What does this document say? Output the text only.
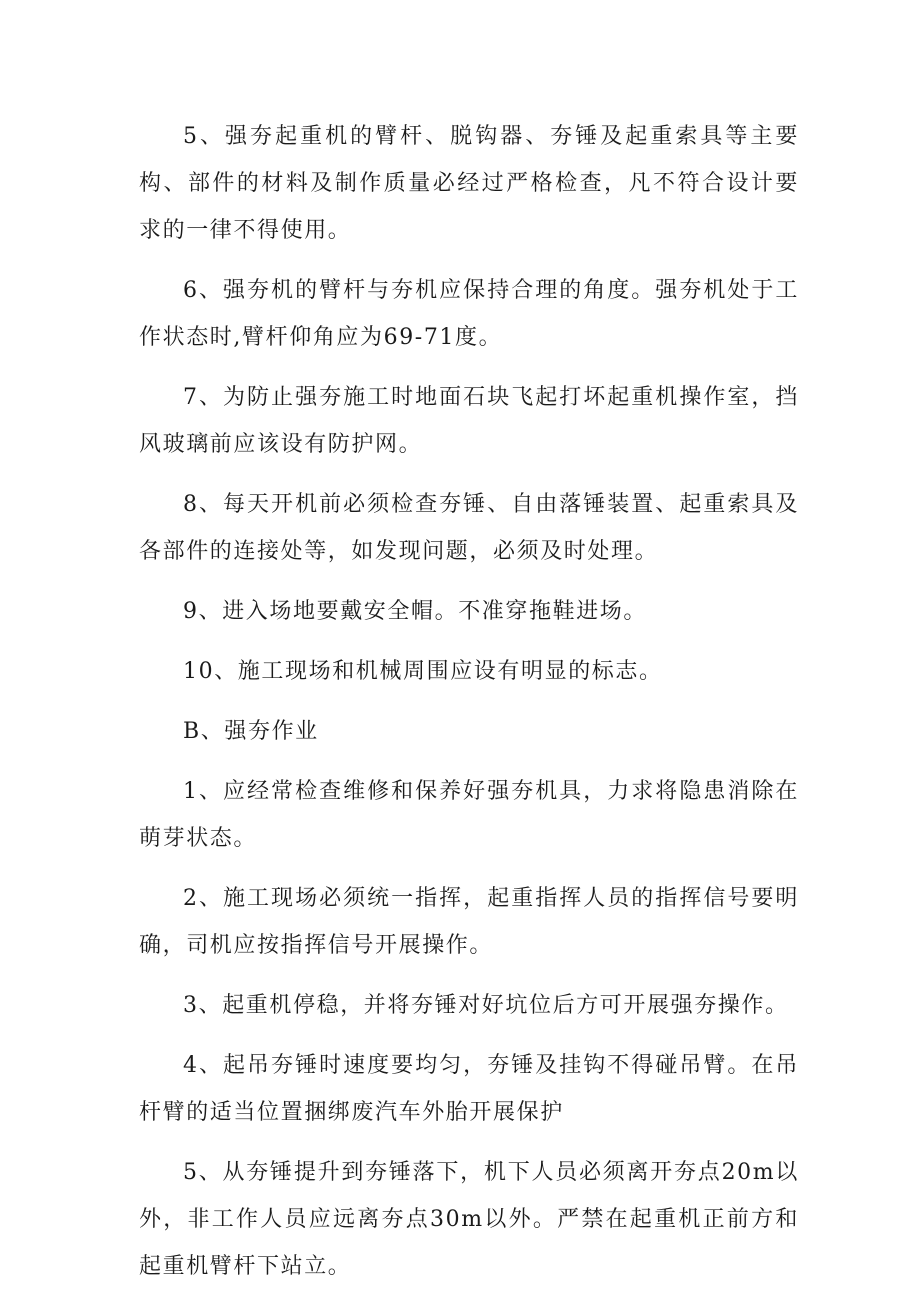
5、强夯起重机的臂杆、脱钩器、夯锤及起重索具等主要构、部件的材料及制作质量必经过严格检查，凡不符合设计要求的一律不得使用。

6、强夯机的臂杆与夯机应保持合理的角度。强夯机处于工作状态时,臂杆仰角应为69-71度。

7、为防止强夯施工时地面石块飞起打坏起重机操作室，挡风玻璃前应该设有防护网。

8、每天开机前必须检查夯锤、自由落锤装置、起重索具及各部件的连接处等，如发现问题，必须及时处理。

9、进入场地要戴安全帽。不准穿拖鞋进场。

10、施工现场和机械周围应设有明显的标志。

B、强夯作业

1、应经常检查维修和保养好强夯机具，力求将隐患消除在萌芽状态。

2、施工现场必须统一指挥，起重指挥人员的指挥信号要明确，司机应按指挥信号开展操作。

3、起重机停稳，并将夯锤对好坑位后方可开展强夯操作。

4、起吊夯锤时速度要均匀，夯锤及挂钩不得碰吊臂。在吊杆臂的适当位置捆绑废汽车外胎开展保护

5、从夯锤提升到夯锤落下，机下人员必须离开夯点20m以外，非工作人员应远离夯点30m以外。严禁在起重机正前方和起重机臂杆下站立。
